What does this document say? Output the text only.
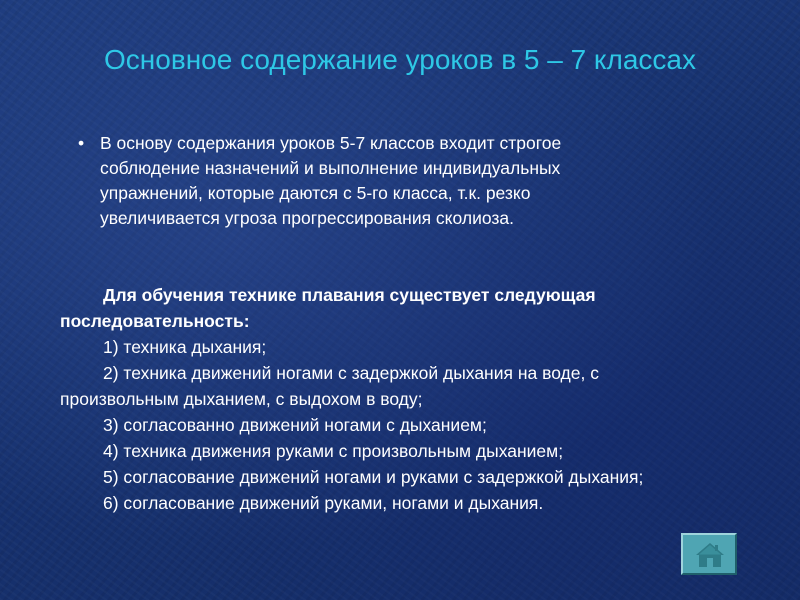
Основное содержание уроков в 5 – 7 классах
• В основу содержания уроков 5-7 классов входит строгое соблюдение назначений и выполнение индивидуальных упражнений, которые даются с 5-го класса, т.к. резко увеличивается угроза прогрессирования сколиоза.

Для обучения технике плавания существует следующая последовательность:

1) техника дыхания;

2) техника движений ногами с задержкой дыхания на воде, с произвольным дыханием, с выдохом в воду;

3) согласованно движений ногами с дыханием;

4) техника движения руками с произвольным дыханием;

5) согласование движений ногами и руками с задержкой дыхания;

6) согласование движений руками, ногами и дыхания.
